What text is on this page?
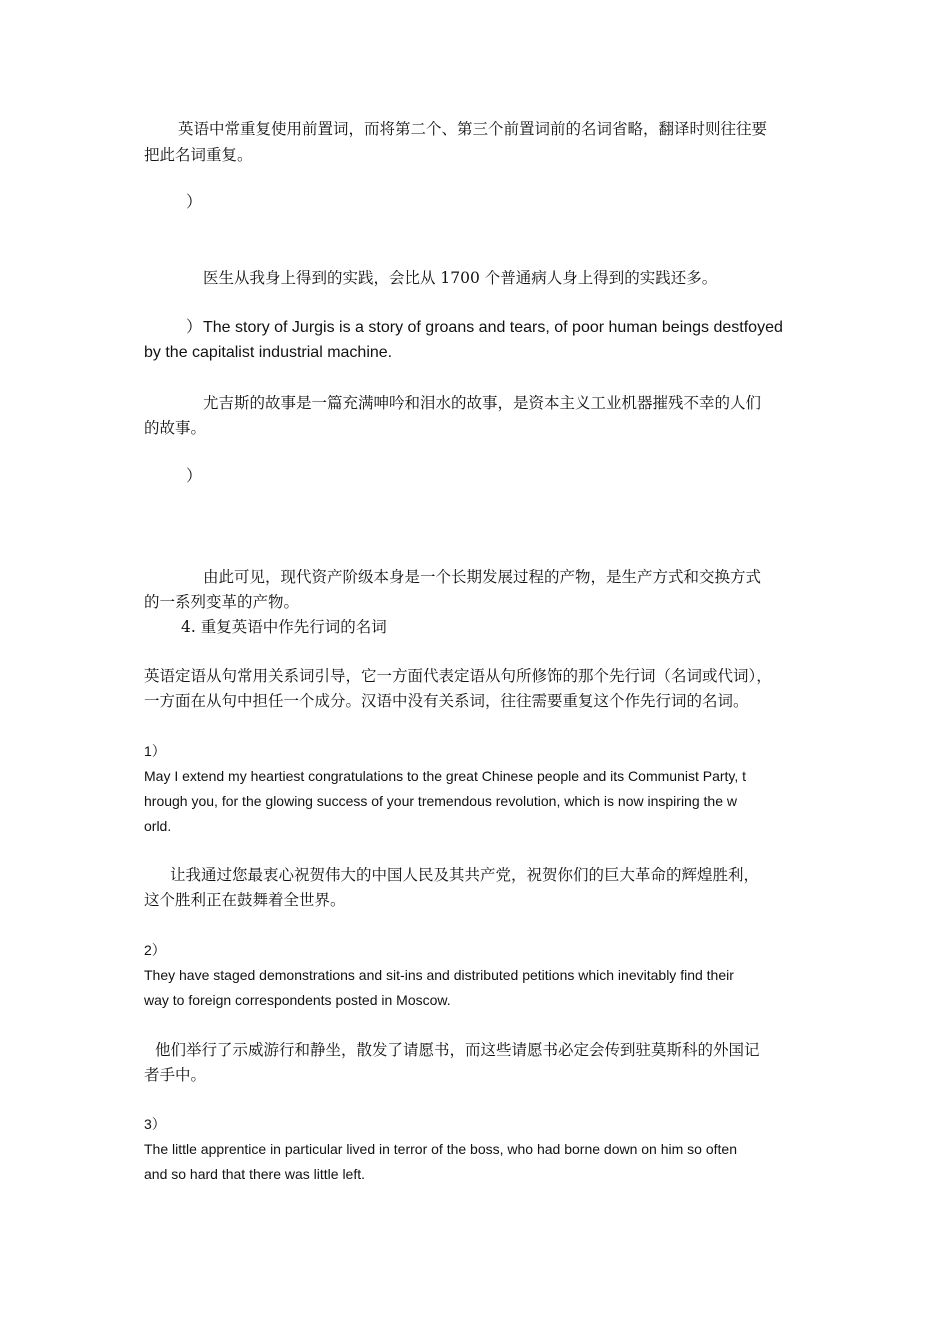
英语中常重复使用前置词，而将第二个、第三个前置词前的名词省略，翻译时则往往要
把此名词重复。
）
医生从我身上得到的实践，会比从 1700 个普通病人身上得到的实践还多。
） The story of Jurgis is a story of groans and tears, of poor human beings destfoyed
by the capitalist industrial machine.
尤吉斯的故事是一篇充满呻吟和泪水的故事，是资本主义工业机器摧残不幸的人们
的故事。
）
由此可见，现代资产阶级本身是一个长期发展过程的产物，是生产方式和交换方式
的一系列变革的产物。
4. 重复英语中作先行词的名词
英语定语从句常用关系词引导，它一方面代表定语从句所修饰的那个先行词（名词或代词），
一方面在从句中担任一个成分。汉语中没有关系词，往往需要重复这个作先行词的名词。
1）
May I extend my heartiest congratulations to the great Chinese people and its Communist Party, t
hrough you, for the glowing success of your tremendous revolution, which is now inspiring the w
orld.
让我通过您最衷心祝贺伟大的中国人民及其共产党，祝贺你们的巨大革命的辉煌胜利，
这个胜利正在鼓舞着全世界。
2）
They have staged demonstrations and sit-ins and distributed petitions which inevitably find their
way to foreign correspondents posted in Moscow.
他们举行了示威游行和静坐，散发了请愿书，而这些请愿书必定会传到驻莫斯科的外国记
者手中。
3）
The little apprentice in particular lived in terror of the boss, who had borne down on him so often
and so hard that there was little left.
